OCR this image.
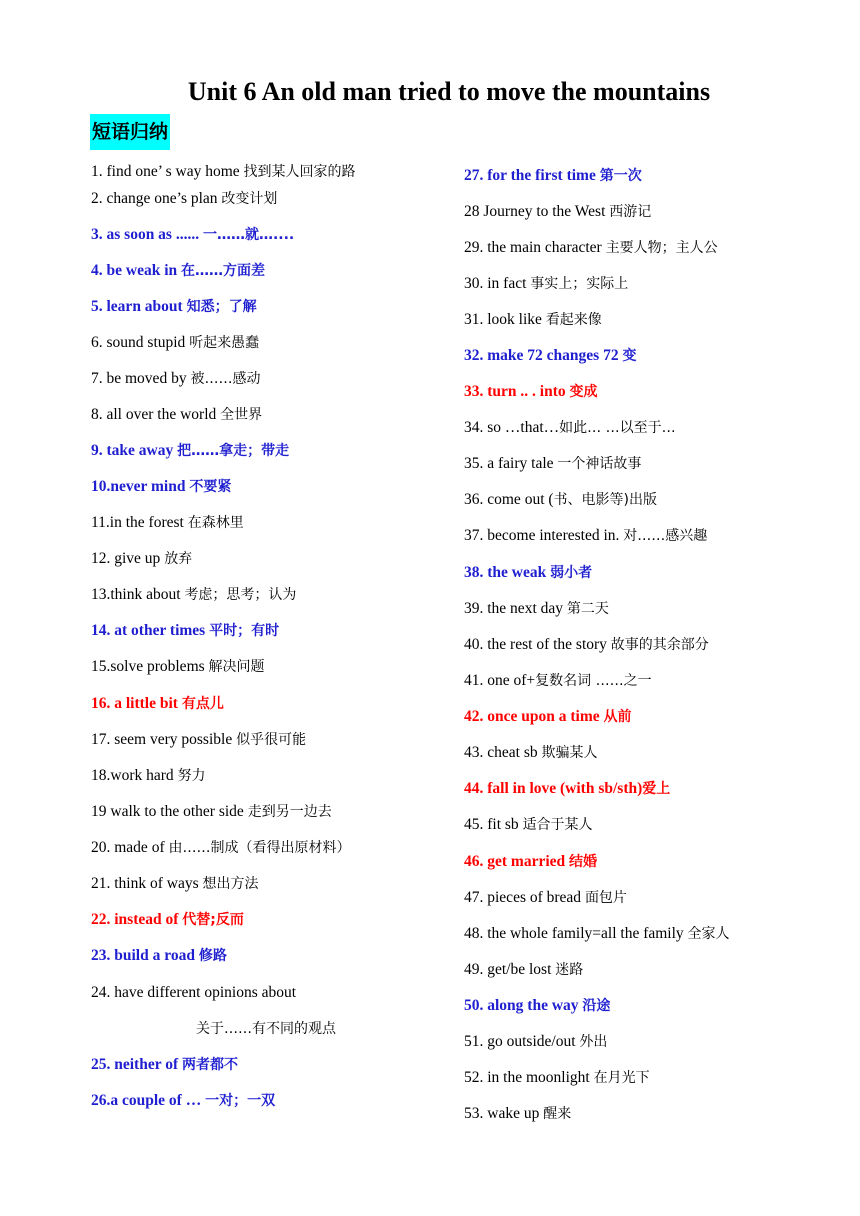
Unit 6 An old man tried to move the mountains
短语归纳
1. find one’ s way home 找到某人回家的路
2. change one’s plan 改变计划
3. as soon as ...... 一……就…....
4. be weak in 在……方面差
5. learn about 知悉；了解
6. sound stupid 听起来愚蠢
7. be moved by 被……感动
8. all over the world 全世界
9. take away 把……拿走；带走
10.never mind 不要紧
11.in the forest 在森林里
12. give up 放弃
13.think about 考虑；思考；认为
14. at other times 平时；有时
15.solve problems 解决问题
16. a little bit 有点儿
17. seem very possible 似乎很可能
18.work hard 努力
19 walk to the other side 走到另一边去
20. made of 由……制成（看得出原材料）
21. think of ways 想出方法
22. instead of 代替;反而
23. build a road 修路
24. have different opinions about
25. neither of 两者都不
26.a couple of … 一对；一双
关于……有不同的观点
27. for the first time 第一次
28 Journey to the West 西游记
29. the main character 主要人物；主人公
30. in fact 事实上；实际上
31. look like 看起来像
32. make 72 changes 72 变
33. turn .. . into 变成
34. so …that…如此… …以至于…
35. a fairy tale 一个神话故事
36. come out (书、电影等)出版
37. become interested in. 对……感兴趣
38. the weak 弱小者
39. the next day 第二天
40. the rest of the story 故事的其余部分
41. one of+复数名词 ……之一
42. once upon a time 从前
43. cheat sb 欺骗某人
44. fall in love (with sb/sth)爱上
45. fit sb 适合于某人
46. get married 结婚
47. pieces of bread 面包片
48. the whole family=all the family 全家人
49. get/be lost 迷路
50. along the way 沿途
51. go outside/out 外出
52. in the moonlight 在月光下
53. wake up 醒来
